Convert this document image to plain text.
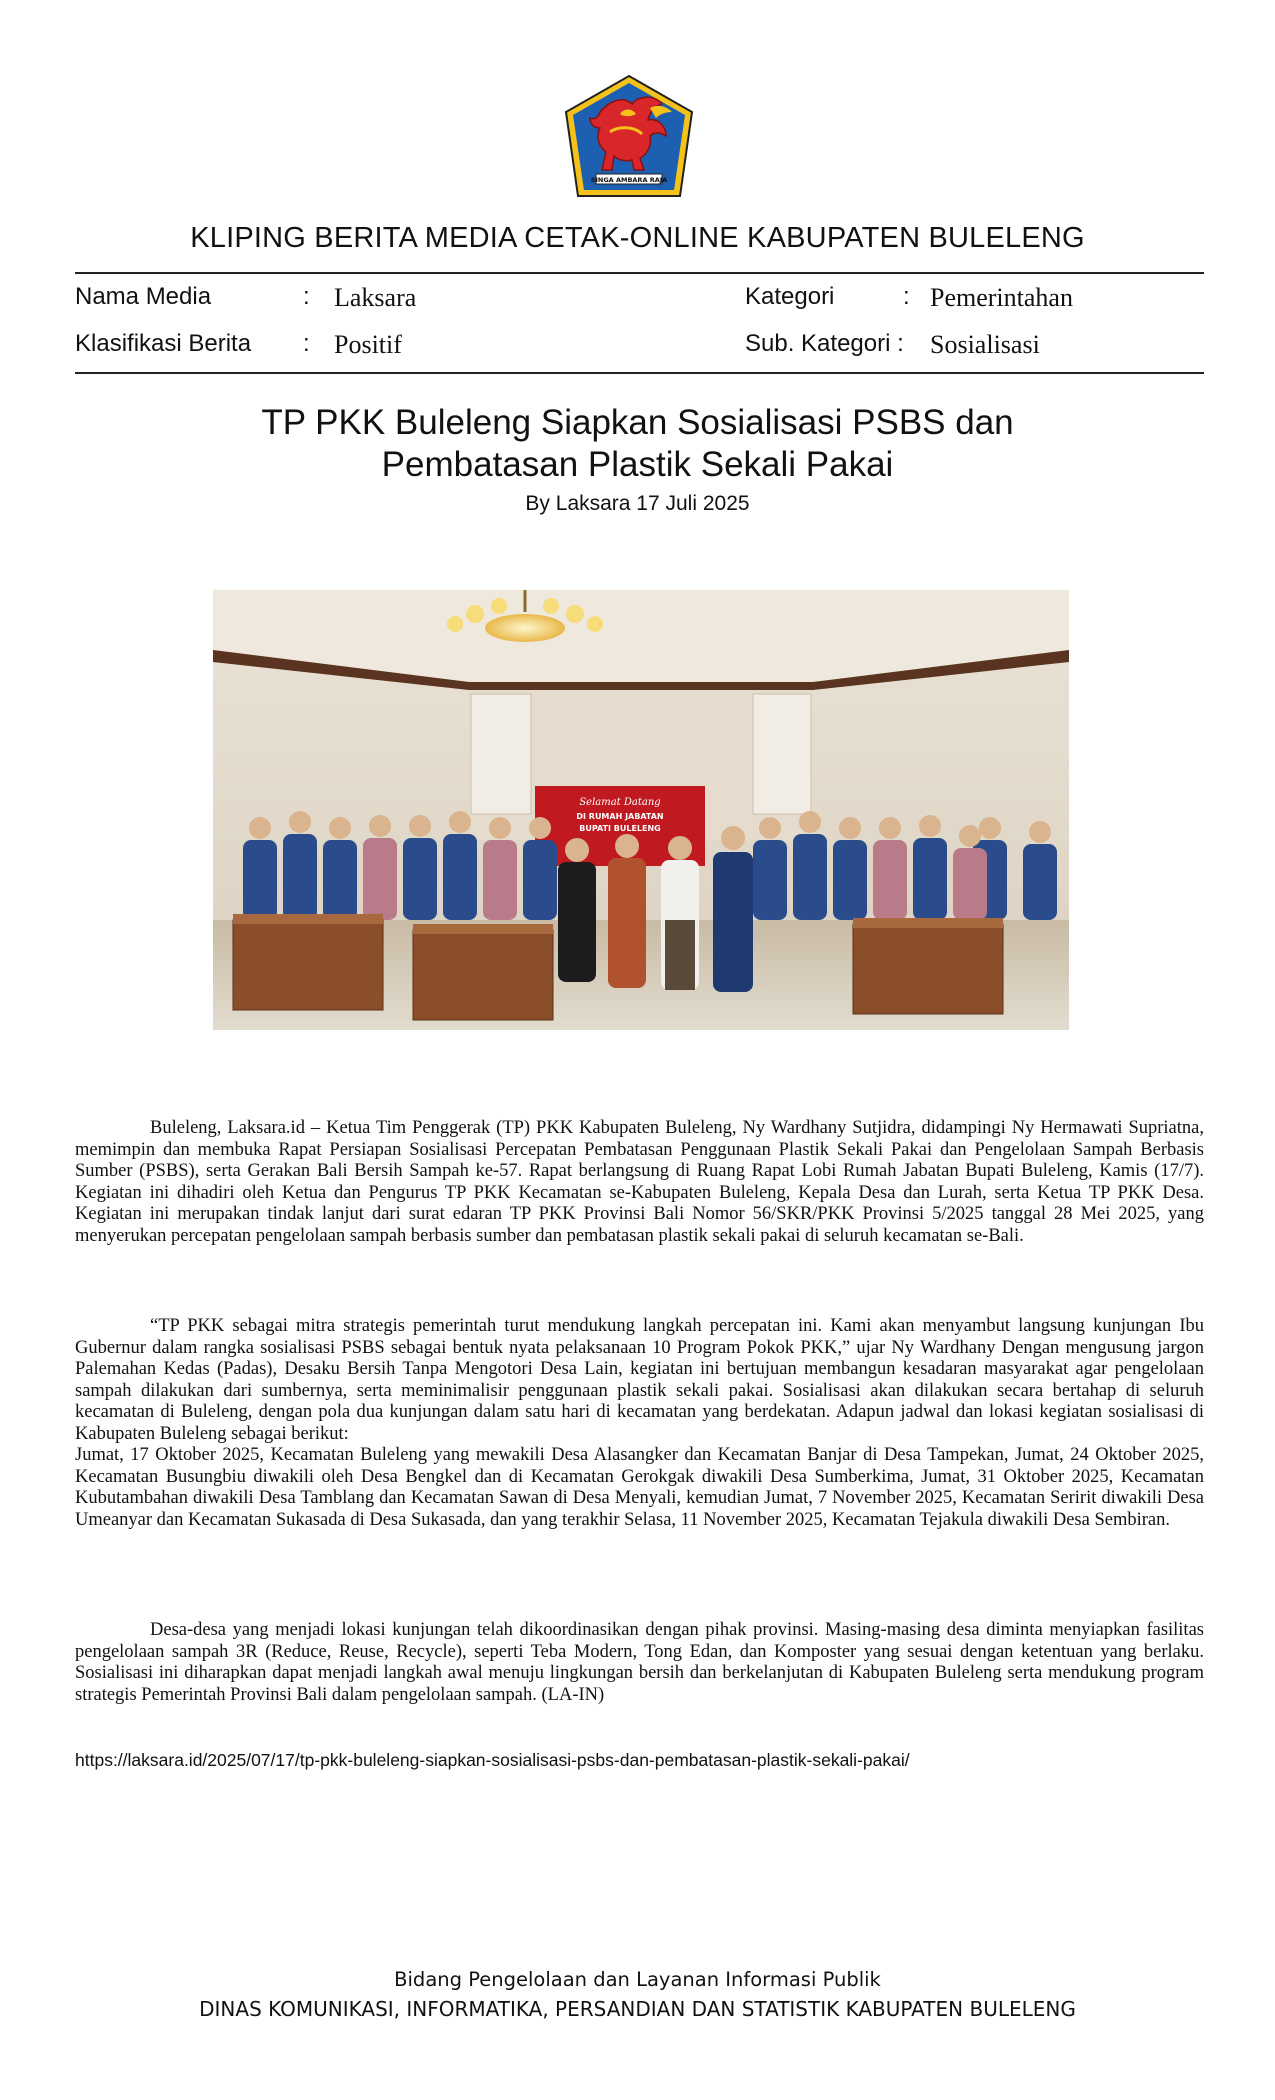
SINGA AMBARA RAJA
KLIPING BERITA MEDIA CETAK-ONLINE KABUPATEN BULELENG
Nama Media	: Laksara	Kategori	: Pemerintahan
Klasifikasi Berita : Positif	Sub. Kategori : Sosialisasi
TP PKK Buleleng Siapkan Sosialisasi PSBS dan
Pembatasan Plastik Sekali Pakai
By Laksara 17 Juli 2025
Selamat Datang
DI RUMAH JABATAN
BUPATI BULELENG

Buleleng, Laksara.id – Ketua Tim Penggerak (TP) PKK Kabupaten Buleleng, Ny Wardhany Sutjidra, didampingi Ny Hermawati Supriatna, memimpin dan membuka Rapat Persiapan Sosialisasi Percepatan Pembatasan Penggunaan Plastik Sekali Pakai dan Pengelolaan Sampah Berbasis Sumber (PSBS), serta Gerakan Bali Bersih Sampah ke-57. Rapat berlangsung di Ruang Rapat Lobi Rumah Jabatan Bupati Buleleng, Kamis (17/7). Kegiatan ini dihadiri oleh Ketua dan Pengurus TP PKK Kecamatan se-Kabupaten Buleleng, Kepala Desa dan Lurah, serta Ketua TP PKK Desa. Kegiatan ini merupakan tindak lanjut dari surat edaran TP PKK Provinsi Bali Nomor 56/SKR/PKK Provinsi 5/2025 tanggal 28 Mei 2025, yang menyerukan percepatan pengelolaan sampah berbasis sumber dan pembatasan plastik sekali pakai di seluruh kecamatan se-Bali.

“TP PKK sebagai mitra strategis pemerintah turut mendukung langkah percepatan ini. Kami akan menyambut langsung kunjungan Ibu Gubernur dalam rangka sosialisasi PSBS sebagai bentuk nyata pelaksanaan 10 Program Pokok PKK,” ujar Ny Wardhany Dengan mengusung jargon Palemahan Kedas (Padas), Desaku Bersih Tanpa Mengotori Desa Lain, kegiatan ini bertujuan membangun kesadaran masyarakat agar pengelolaan sampah dilakukan dari sumbernya, serta meminimalisir penggunaan plastik sekali pakai. Sosialisasi akan dilakukan secara bertahap di seluruh kecamatan di Buleleng, dengan pola dua kunjungan dalam satu hari di kecamatan yang berdekatan. Adapun jadwal dan lokasi kegiatan sosialisasi di Kabupaten Buleleng sebagai berikut:

Jumat, 17 Oktober 2025, Kecamatan Buleleng yang mewakili Desa Alasangker dan Kecamatan Banjar di Desa Tampekan, Jumat, 24 Oktober 2025, Kecamatan Busungbiu diwakili oleh Desa Bengkel dan di Kecamatan Gerokgak diwakili Desa Sumberkima, Jumat, 31 Oktober 2025, Kecamatan Kubutambahan diwakili Desa Tamblang dan Kecamatan Sawan di Desa Menyali, kemudian Jumat, 7 November 2025, Kecamatan Seririt diwakili Desa Umeanyar dan Kecamatan Sukasada di Desa Sukasada, dan yang terakhir Selasa, 11 November 2025, Kecamatan Tejakula diwakili Desa Sembiran.

Desa-desa yang menjadi lokasi kunjungan telah dikoordinasikan dengan pihak provinsi. Masing-masing desa diminta menyiapkan fasilitas pengelolaan sampah 3R (Reduce, Reuse, Recycle), seperti Teba Modern, Tong Edan, dan Komposter yang sesuai dengan ketentuan yang berlaku. Sosialisasi ini diharapkan dapat menjadi langkah awal menuju lingkungan bersih dan berkelanjutan di Kabupaten Buleleng serta mendukung program strategis Pemerintah Provinsi Bali dalam pengelolaan sampah. (LA-IN)

https://laksara.id/2025/07/17/tp-pkk-buleleng-siapkan-sosialisasi-psbs-dan-pembatasan-plastik-sekali-pakai/
Bidang Pengelolaan dan Layanan Informasi Publik
DINAS KOMUNIKASI, INFORMATIKA, PERSANDIAN DAN STATISTIK KABUPATEN BULELENG
